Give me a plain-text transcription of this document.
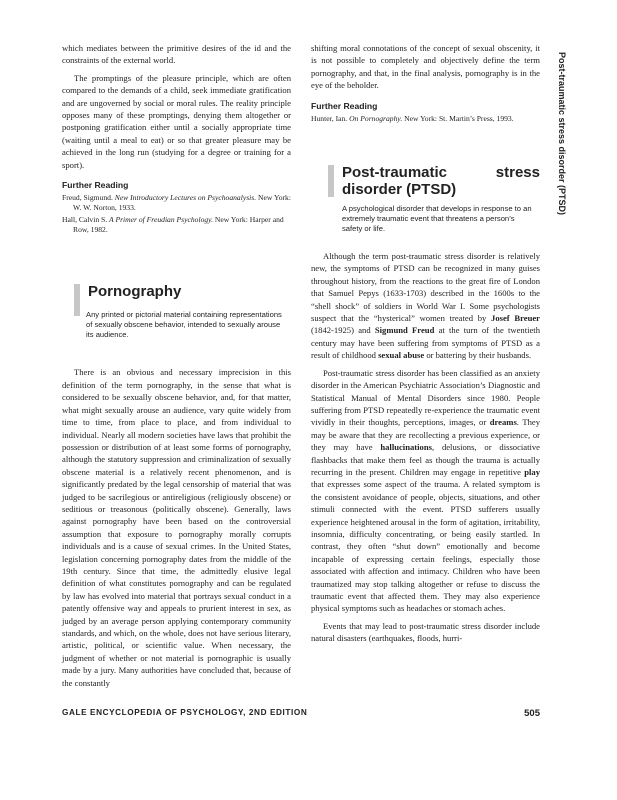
Post-traumatic stress disorder (PTSD)

which mediates between the primitive desires of the id and the constraints of the external world.

The promptings of the pleasure principle, which are often compared to the demands of a child, seek immediate gratification and are ungoverned by social or moral rules. The reality principle opposes many of these promptings, denying them altogether or postponing gratification either until a socially appropriate time (waiting until a meal to eat) or so that greater pleasure may be achieved in the long run (studying for a degree or training for a sport).

Further Reading
Freud, Sigmund. New Introductory Lectures on Psychoanalysis. New York: W. W. Norton, 1933.
Hall, Calvin S. A Primer of Freudian Psychology. New York: Harper and Row, 1982.
Pornography
Any printed or pictorial material containing representations of sexually obscene behavior, intended to sexually arouse its audience.

There is an obvious and necessary imprecision in this definition of the term pornography, in the sense that what is considered to be sexually obscene behavior, and, for that matter, what might sexually arouse an audience, vary quite widely from time to time, from place to place, and from individual to individual. Nearly all modern societies have laws that prohibit the possession or distribution of at least some forms of pornography, although the statutory suppression and criminalization of sexually obscene material is a relatively recent phenomenon, and is significantly predated by the legal censorship of material that was judged to be sacrilegious or antireligious (religiously obscene) or seditious or treasonous (politically obscene). Generally, laws against pornography have been based on the controversial assumption that exposure to pornography morally corrupts individuals and is a cause of sexual crimes. In the United States, legislation concerning pornography dates from the middle of the 19th century. Since that time, the admittedly elusive legal definition of what constitutes pornography and can be regulated by law has evolved into material that portrays sexual conduct in a patently offensive way and appeals to prurient interest in sex, as judged by an average person applying contemporary community standards, and which, on the whole, does not have serious literary, artistic, political, or scientific value. When necessary, the judgment of whether or not material is pornographic is usually made by a jury. Many authorities have concluded that, because of the constantly

shifting moral connotations of the concept of sexual obscenity, it is not possible to completely and objectively define the term pornography, and that, in the final analysis, pornography is in the eye of the beholder.

Further Reading
Hunter, Ian. On Pornography. New York: St. Martin’s Press, 1993.
Post-traumatic stress disorder (PTSD)
A psychological disorder that develops in response to an extremely traumatic event that threatens a person’s safety or life.

Although the term post-traumatic stress disorder is relatively new, the symptoms of PTSD can be recognized in many guises throughout history, from the reactions to the great fire of London that Samuel Pepys (1633-1703) described in the 1600s to the “shell shock” of soldiers in World War I. Some psychologists suspect that the “hysterical” women treated by Josef Breuer (1842-1925) and Sigmund Freud at the turn of the twentieth century may have been suffering from symptoms of PTSD as a result of childhood sexual abuse or battering by their husbands.

Post-traumatic stress disorder has been classified as an anxiety disorder in the American Psychiatric Association’s Diagnostic and Statistical Manual of Mental Disorders since 1980. People suffering from PTSD repeatedly re-experience the traumatic event vividly in their thoughts, perceptions, images, or dreams. They may be aware that they are recollecting a previous experience, or they may have hallucinations, delusions, or dissociative flashbacks that make them feel as though the trauma is actually recurring in the present. Children may engage in repetitive play that expresses some aspect of the trauma. A related symptom is the consistent avoidance of people, objects, situations, and other stimuli connected with the event. PTSD sufferers usually experience heightened arousal in the form of agitation, irritability, insomnia, difficulty concentrating, or being easily startled. In contrast, they often “shut down” emotionally and become incapable of expressing certain feelings, especially those associated with affection and intimacy. Children who have been traumatized may stop talking altogether or refuse to discuss the traumatic event that affected them. They may also experience physical symptoms such as headaches or stomach aches.

Events that may lead to post-traumatic stress disorder include natural disasters (earthquakes, floods, hurri-

GALE ENCYCLOPEDIA OF PSYCHOLOGY, 2ND EDITION	505
